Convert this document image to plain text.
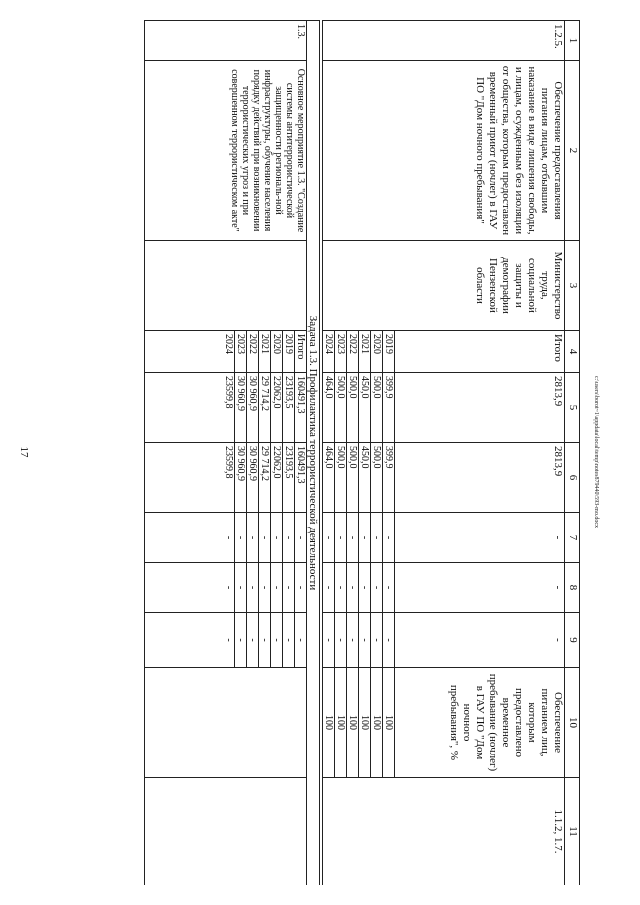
17	c:\users\borot~1\appdata\local\temp\notes879440\593-mo.docx
1	2	3	4	5	6	7	8	9	10	11
1.2.5.	Обеспечение предоставления питания лицам, отбывшим наказание в виде лишения свободы, и лицам, осужденным без изоляции от общества, которым предоставлен временный приют (ночлег) в ГАУ ПО "Дом ночного пребывания"	Министерство труда, социальной защиты и демографии Пензенской области	Итого	2813,9	2813,9	-	-	-	Обеспечение питанием лиц, которым предоставлено временное пребывание (ночлег) в ГАУ ПО "Дом ночного пребывания", %	1.1.2, 1.7.
			2019	399,9	399,9	-	-	-	100	
			2020	500,0	500,0	-	-	-	100	
			2021	450,0	450,0	-	-	-	100	
			2022	500,0	500,0	-	-	-	100	
			2023	500,0	500,0	-	-	-	100	
			2024	464,0	464,0	-	-	-	100	

Задача 1.3. Профилактика террористической деятельности										
1.3.	Основное мероприятие 1.3. "Создание системы антитеррористической защищенности региональ-ной инфраструктуры, обучение населения порядку действий при возникновении террористических угроз и при совершенном террористическом акте"		Итого	160491,3	160491,3	-	-	-		
			2019	23193,5	23193,5	-	-	-		
			2020	22062,0	22062,0	-	-	-		
			2021	29 714,2	29 714,2	-	-	-		
			2022	30 960,9	30 960,9	-	-	-		
			2023	30 960,9	30 960,9	-	-	-		
			2024	23599,8	23599,8	-	-	-		
